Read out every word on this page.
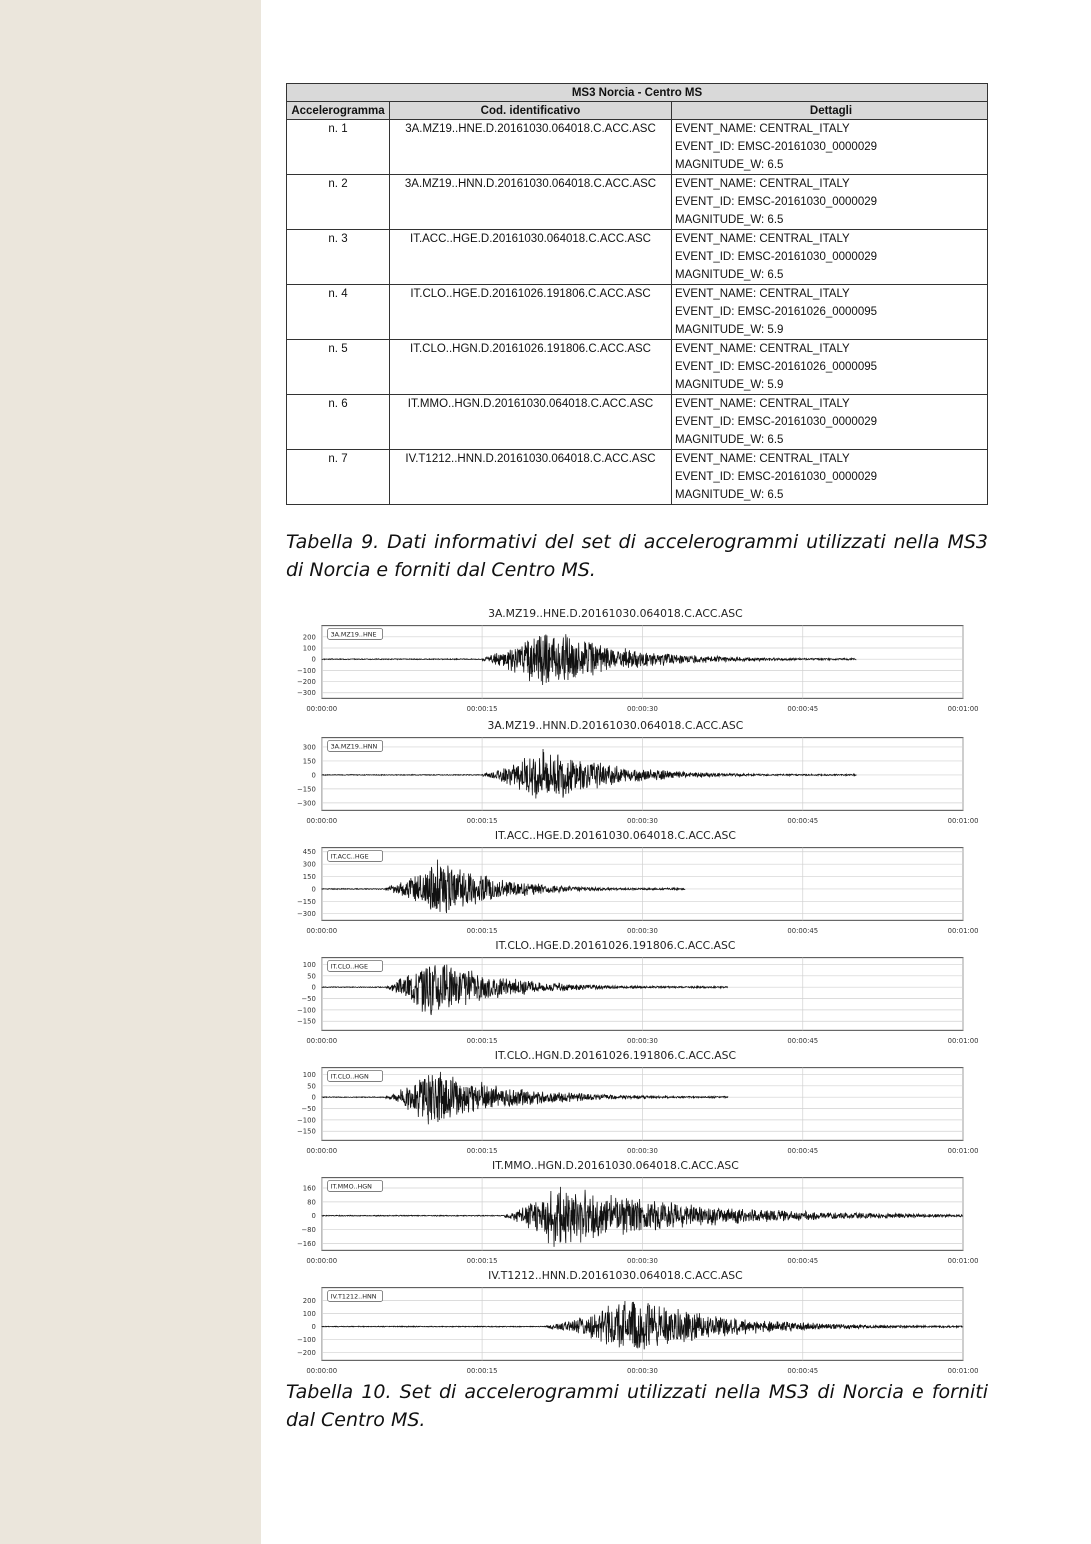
MS3 Norcia - Centro MS		
Accelerogramma	Cod. identificativo	Dettagli
n. 1	3A.MZ19..HNE.D.20161030.064018.C.ACC.ASC	EVENT_NAME: CENTRAL_ITALY
EVENT_ID: EMSC-20161030_0000029
MAGNITUDE_W: 6.5

n. 2	3A.MZ19..HNN.D.20161030.064018.C.ACC.ASC	EVENT_NAME: CENTRAL_ITALY
EVENT_ID: EMSC-20161030_0000029
MAGNITUDE_W: 6.5

n. 3	IT.ACC..HGE.D.20161030.064018.C.ACC.ASC	EVENT_NAME: CENTRAL_ITALY
EVENT_ID: EMSC-20161030_0000029
MAGNITUDE_W: 6.5

n. 4	IT.CLO..HGE.D.20161026.191806.C.ACC.ASC	EVENT_NAME: CENTRAL_ITALY
EVENT_ID: EMSC-20161026_0000095
MAGNITUDE_W: 5.9

n. 5	IT.CLO..HGN.D.20161026.191806.C.ACC.ASC	EVENT_NAME: CENTRAL_ITALY
EVENT_ID: EMSC-20161026_0000095
MAGNITUDE_W: 5.9

n. 6	IT.MMO..HGN.D.20161030.064018.C.ACC.ASC	EVENT_NAME: CENTRAL_ITALY
EVENT_ID: EMSC-20161030_0000029
MAGNITUDE_W: 6.5

n. 7	IV.T1212..HNN.D.20161030.064018.C.ACC.ASC	EVENT_NAME: CENTRAL_ITALY
EVENT_ID: EMSC-20161030_0000029
MAGNITUDE_W: 6.5

Tabella 9. Dati informativi del set di accelerogrammi utilizzati nella MS3 di Norcia e forniti dal Centro MS.

3A.MZ19..HNE.D.20161030.064018.C.ACC.ASC
00:00:00	00:00:15	00:00:30	00:00:45	00:01:00
200
100
0
−100
−200
−300
3A.MZ19..HNE
3A.MZ19..HNN.D.20161030.064018.C.ACC.ASC
00:00:00	00:00:15	00:00:30	00:00:45	00:01:00
300
150
0
−150
−300
3A.MZ19..HNN
IT.ACC..HGE.D.20161030.064018.C.ACC.ASC
00:00:00	00:00:15	00:00:30	00:00:45	00:01:00
450
300
150
0
−150
−300
IT.ACC..HGE
IT.CLO..HGE.D.20161026.191806.C.ACC.ASC
00:00:00	00:00:15	00:00:30	00:00:45	00:01:00
100
50
0
−50
−100
−150
IT.CLO..HGE
IT.CLO..HGN.D.20161026.191806.C.ACC.ASC
00:00:00	00:00:15	00:00:30	00:00:45	00:01:00
100
50
0
−50
−100
−150
IT.CLO..HGN
IT.MMO..HGN.D.20161030.064018.C.ACC.ASC
00:00:00	00:00:15	00:00:30	00:00:45	00:01:00
160
80
0
−80
−160
IT.MMO..HGN
IV.T1212..HNN.D.20161030.064018.C.ACC.ASC
00:00:00	00:00:15	00:00:30	00:00:45	00:01:00
200
100
0
−100
−200
IV.T1212..HNN

Tabella 10. Set di accelerogrammi utilizzati nella MS3 di Norcia e forniti dal Centro MS.
